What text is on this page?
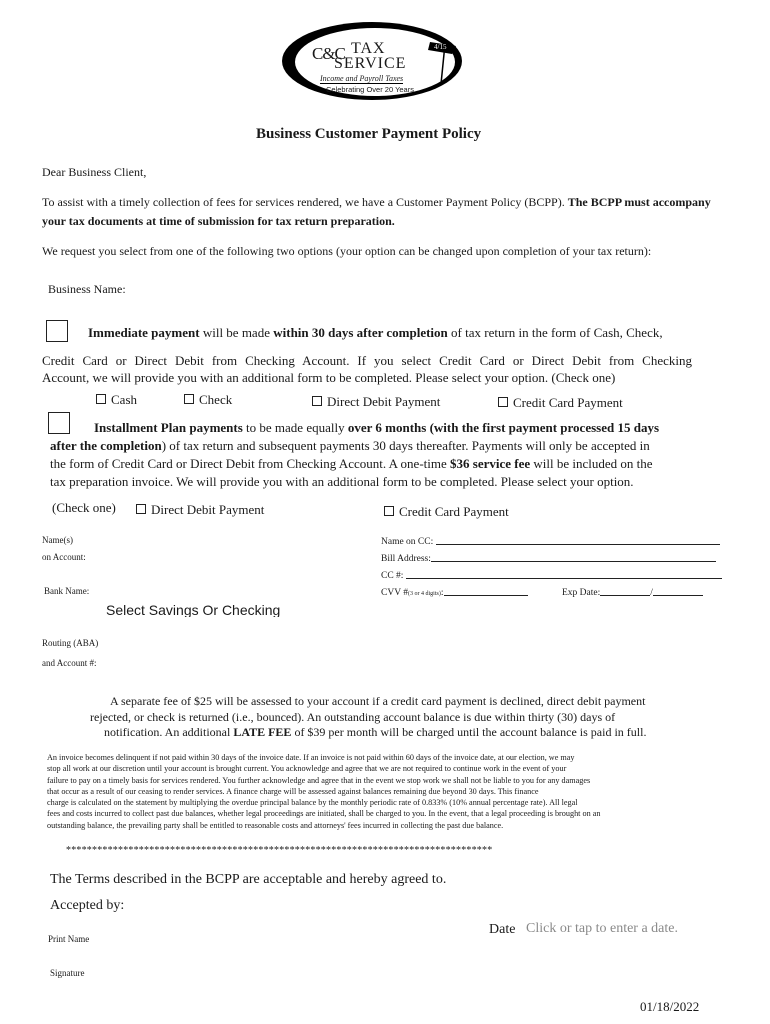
C&C TAX
SERVICE
4/15
Income and Payroll Taxes
Celebrating Over 20 Years
Business Customer Payment Policy
Dear Business Client,
To assist with a timely collection of fees for services rendered, we have a Customer Payment Policy (BCPP). The BCPP must accompany your tax documents at time of submission for tax return preparation.
We request you select from one of the following two options (your option can be changed upon completion of your tax return):
Business Name:
Immediate payment will be made within 30 days after completion of tax return in the form of Cash, Check,
Credit Card or Direct Debit from Checking Account. If you select Credit Card or Direct Debit from Checking
Account, we will provide you with an additional form to be completed. Please select your option. (Check one)
Cash	Check	Direct Debit Payment	Credit Card Payment
Installment Plan payments to be made equally over 6 months (with the first payment processed 15 days
after the completion) of tax return and subsequent payments 30 days thereafter. Payments will only be accepted in
the form of Credit Card or Direct Debit from Checking Account. A one-time $36 service fee will be included on the
tax preparation invoice. We will provide you with an additional form to be completed. Please select your option.
(Check one)	Direct Debit Payment	Credit Card Payment
Name(s)
on Account:
Bank Name:
Select Savings Or Checking
Routing (ABA)
and Account #:
Name on CC:
Bill Address:
CC #:
CVV #(3 or 4 digits):	Exp Date:	/
A separate fee of $25 will be assessed to your account if a credit card payment is declined, direct debit payment
rejected, or check is returned (i.e., bounced). An outstanding account balance is due within thirty (30) days of
notification. An additional LATE FEE of $39 per month will be charged until the account balance is paid in full.
An invoice becomes delinquent if not paid within 30 days of the invoice date. If an invoice is not paid within 60 days of the invoice date, at our election, we may
stop all work at our discretion until your account is brought current. You acknowledge and agree that we are not required to continue work in the event of your
failure to pay on a timely basis for services rendered. You further acknowledge and agree that in the event we stop work we shall not be liable to you for any damages
that occur as a result of our ceasing to render services. A finance charge will be assessed against balances remaining due beyond 30 days. This finance
charge is calculated on the statement by multiplying the overdue principal balance by the monthly periodic rate of 0.833% (10% annual percentage rate). All legal
fees and costs incurred to collect past due balances, whether legal proceedings are initiated, shall be charged to you. In the event, that a legal proceeding is brought on an
outstanding balance, the prevailing party shall be entitled to reasonable costs and attorneys' fees incurred in collecting the past due balance.
**********************************************************************************
The Terms described in the BCPP are acceptable and hereby agreed to.
Accepted by:
Print Name
Date Click or tap to enter a date.
Signature
01/18/2022
